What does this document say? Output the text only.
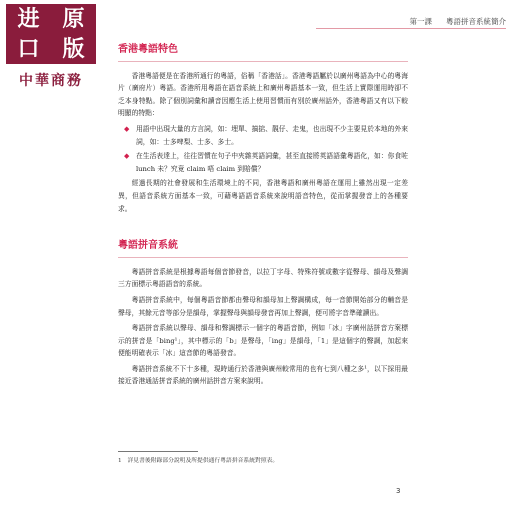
进	原
口	版
中華商務
第一課 粵語拼音系統簡介
香港粵語特色

香港粵語便是在香港所通行的粵語，俗稱「香港話」。香港粵語屬於以廣州粵語為中心的粵海片（廣府片）粵語。香港所用粵語在語音系統上和廣州粵語基本一致，但生活上實際運用時卻不乏本身特點。除了個別詞彙和讀音因應生活上使用習慣而有別於廣州話外，香港粵語又有以下較明顯的特點：

◆ 用語中出現大量的方言詞，如：埋單、搞掂、靚仔、走鬼，也出現不少主要見於本地的外來詞，如：士多啤梨、士多、多士。
◆ 在生活表達上，往往習慣在句子中夾雜英語詞彙，甚至直接將英語語彙粵語化，如：你食咗 lunch 未？究竟 claim 唔 claim 到賠償？

經過長期的社會發展和生活環境上的不同，香港粵語和廣州粵語在運用上雖然出現一定差異，但語音系統方面基本一致，可藉粵語語音系統來說明語音特色，從而掌握發音上的各種要求。

粵語拼音系統

粵語拼音系統是根據粵語每個音節發音，以拉丁字母、特殊符號或數字從聲母、韻母及聲調三方面標示粵語語音的系統。

粵語拼音系統中，每個粵語音節都由聲母和韻母加上聲調構成，每一音節開始部分的輔音是聲母，其餘元音等部分是韻母，掌握聲母與韻母發音再加上聲調，便可將字音準確讀出。

粵語拼音系統以聲母、韻母和聲調標示一個字的粵語音節，例如「冰」字廣州話拼音方案標示的拼音是「bing¹」，其中標示的「b」是聲母，「ing」是韻母，「1」是這個字的聲調，加起來便能明確表示「冰」這音節的粵語發音。

粵語拼音系統不下十多種，現時通行於香港與廣州較常用的也有七到八種之多¹，以下採用最接近香港通話拼音系統的廣州話拼音方案來說明。

1　詳見書後附錄部分說明及所提供通行粵語拼音系統對照表。
3
